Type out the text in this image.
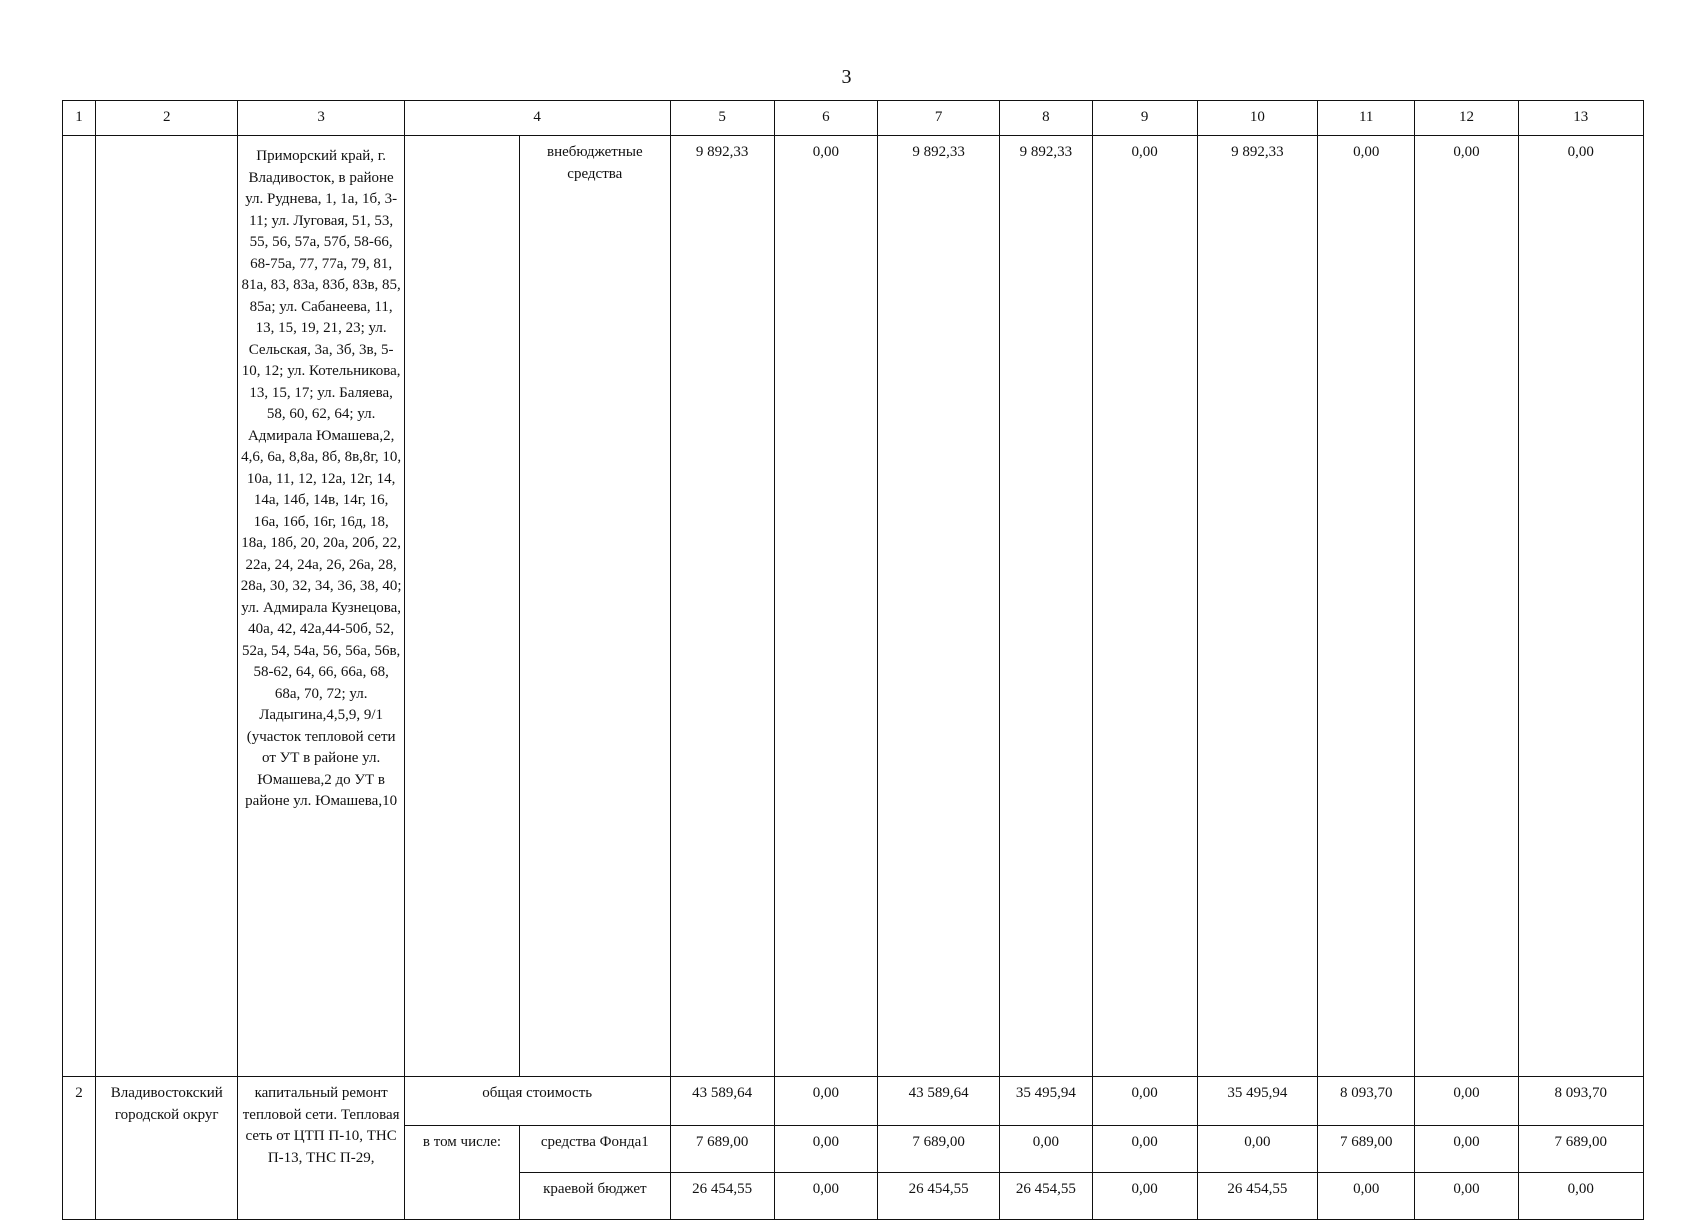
3
1	2	3	4		5	6	7	8	9	10	11	12	13
		Приморский край, г. Владивосток, в районе ул. Руднева, 1, 1а, 1б, 3-11; ул. Луговая, 51, 53, 55, 56, 57а, 57б, 58-66, 68-75а, 77, 77а, 79, 81, 81а, 83, 83а, 83б, 83в, 85, 85а; ул. Сабанеева, 11, 13, 15, 19, 21, 23; ул. Сельская, 3а, 3б, 3в, 5-10, 12; ул. Котельникова, 13, 15, 17; ул. Баляева, 58, 60, 62, 64; ул. Адмирала Юмашева,2, 4,6, 6а, 8,8а, 8б, 8в,8г, 10, 10а, 11, 12, 12а, 12г, 14, 14а, 14б, 14в, 14г, 16, 16а, 16б, 16г, 16д, 18, 18а, 18б, 20, 20а, 20б, 22, 22а, 24, 24а, 26, 26а, 28, 28а, 30, 32, 34, 36, 38, 40; ул. Адмирала Кузнецова, 40а, 42, 42а,44-50б, 52, 52а, 54, 54а, 56, 56а, 56в, 58-62, 64, 66, 66а, 68, 68а, 70, 72; ул. Ладыгина,4,5,9, 9/1 (участок тепловой сети от УТ в районе ул. Юмашева,2 до УТ в районе ул. Юмашева,10		внебюджетные средства	9 892,33	0,00	9 892,33	9 892,33	0,00	9 892,33	0,00	0,00	0,00
2	Владивостокский городской округ	капитальный ремонт тепловой сети. Тепловая сеть от ЦТП П-10, ТНС П-13, ТНС П-29,	общая стоимость		43 589,64	0,00	43 589,64	35 495,94	0,00	35 495,94	8 093,70	0,00	8 093,70
			в том числе:	средства Фонда1	7 689,00	0,00	7 689,00	0,00	0,00	0,00	7 689,00	0,00	7 689,00
				краевой бюджет	26 454,55	0,00	26 454,55	26 454,55	0,00	26 454,55	0,00	0,00	0,00
